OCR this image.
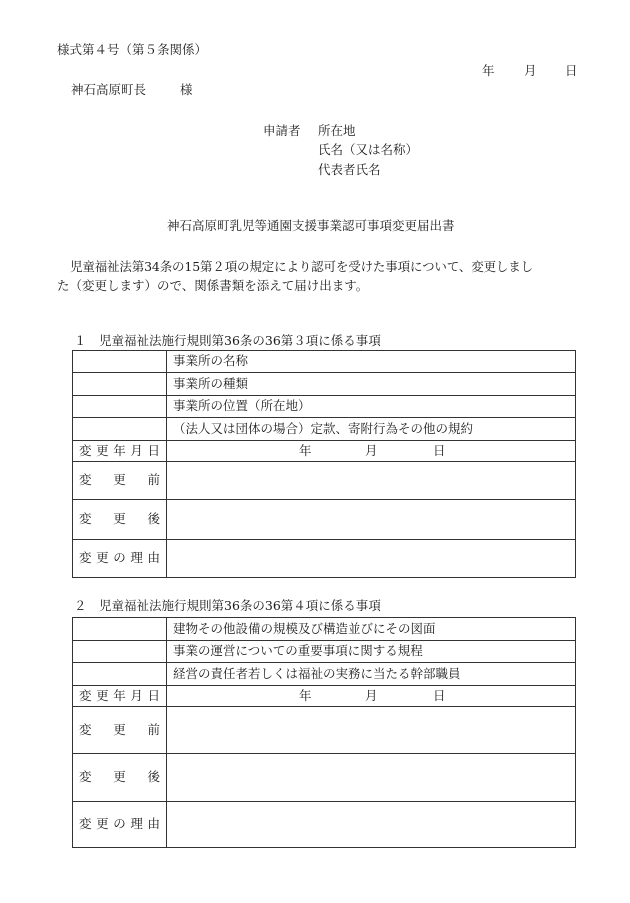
様式第４号（第５条関係）
年 月 日
神石高原町長	様
申請者 所在地
氏名（又は名称）
代表者氏名
神石高原町乳児等通園支援事業認可事項変更届出書
児童福祉法第34条の15第２項の規定により認可を受けた事項について、変更しまし
た（変更します）ので、関係書類を添えて届け出ます。
１　児童福祉法施行規則第36条の36第３項に係る事項
	事業所の名称
	事業所の種類
	事業所の位置（所在地）
	（法人又は団体の場合）定款、寄附行為その他の規約

変 更 年 月 日	年 月 日

変 更 前	

変 更 後	

変 更 の 理 由	

２　児童福祉法施行規則第36条の36第４項に係る事項
	建物その他設備の規模及び構造並びにその図面
	事業の運営についての重要事項に関する規程
	経営の責任者若しくは福祉の実務に当たる幹部職員

変 更 年 月 日	年 月 日

変 更 前	

変 更 後	

変 更 の 理 由	
